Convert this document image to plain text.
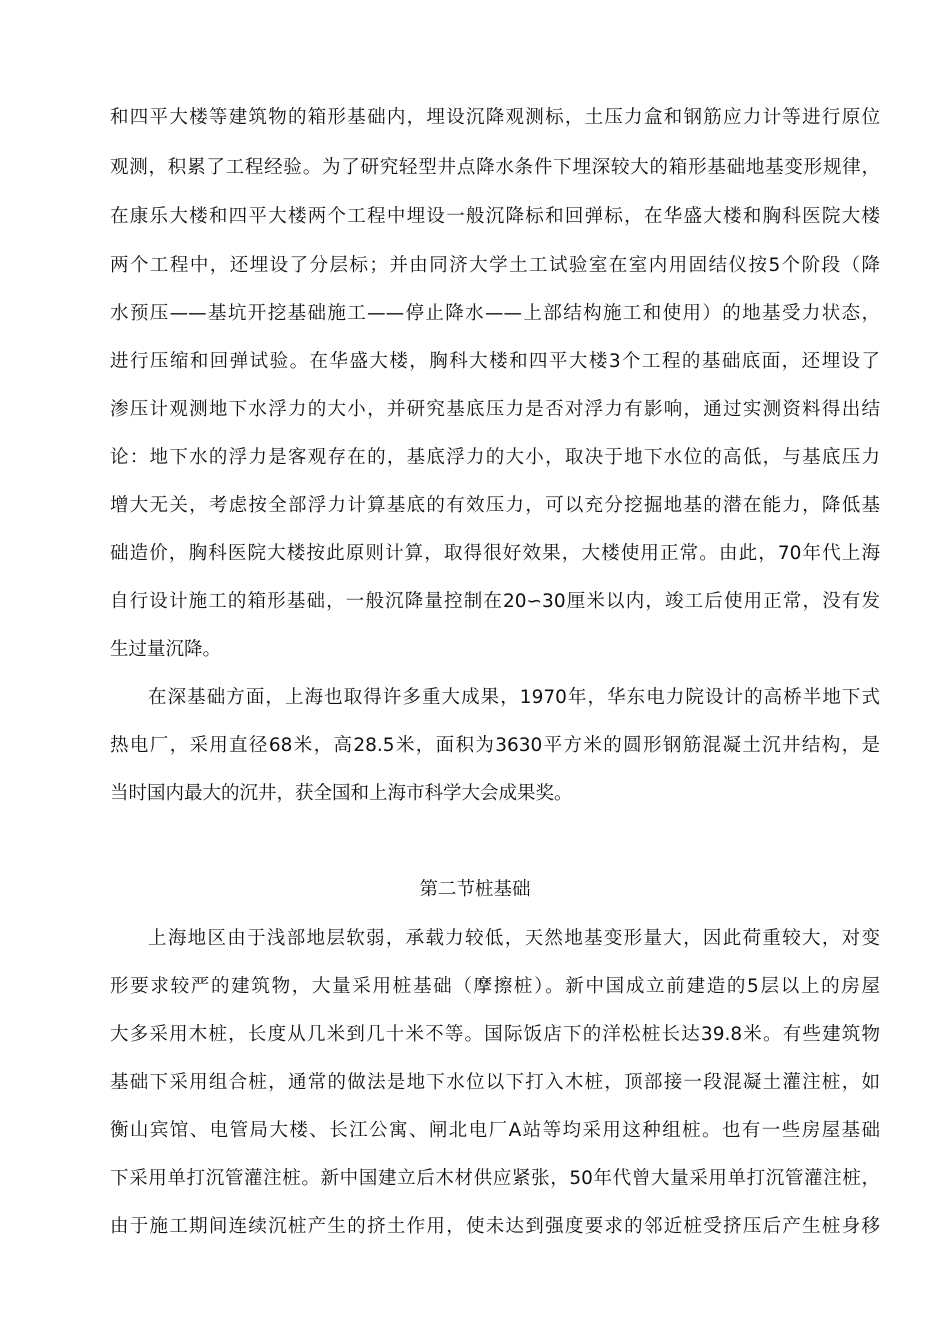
和四平大楼等建筑物的箱形基础内，埋设沉降观测标，土压力盒和钢筋应力计等进行原位
观测，积累了工程经验。为了研究轻型井点降水条件下埋深较大的箱形基础地基变形规律，
在康乐大楼和四平大楼两个工程中埋设一般沉降标和回弹标，在华盛大楼和胸科医院大楼
两个工程中，还埋设了分层标；并由同济大学土工试验室在室内用固结仪按5个阶段（降
水预压——基坑开挖基础施工——停止降水——上部结构施工和使用）的地基受力状态，
进行压缩和回弹试验。在华盛大楼，胸科大楼和四平大楼3个工程的基础底面，还埋设了
渗压计观测地下水浮力的大小，并研究基底压力是否对浮力有影响，通过实测资料得出结
论：地下水的浮力是客观存在的，基底浮力的大小，取决于地下水位的高低，与基底压力
增大无关，考虑按全部浮力计算基底的有效压力，可以充分挖掘地基的潜在能力，降低基
础造价，胸科医院大楼按此原则计算，取得很好效果，大楼使用正常。由此，70年代上海
自行设计施工的箱形基础，一般沉降量控制在20∽30厘米以内，竣工后使用正常，没有发
生过量沉降。
在深基础方面，上海也取得许多重大成果，1970年，华东电力院设计的高桥半地下式
热电厂，采用直径68米，高28.5米，面积为3630平方米的圆形钢筋混凝土沉井结构，是
当时国内最大的沉井，获全国和上海市科学大会成果奖。
第二节桩基础
上海地区由于浅部地层软弱，承载力较低，天然地基变形量大，因此荷重较大，对变
形要求较严的建筑物，大量采用桩基础（摩擦桩）。新中国成立前建造的5层以上的房屋
大多采用木桩，长度从几米到几十米不等。国际饭店下的洋松桩长达39.8米。有些建筑物
基础下采用组合桩，通常的做法是地下水位以下打入木桩，顶部接一段混凝土灌注桩，如
衡山宾馆、电管局大楼、长江公寓、闸北电厂A站等均采用这种组桩。也有一些房屋基础
下采用单打沉管灌注桩。新中国建立后木材供应紧张，50年代曾大量采用单打沉管灌注桩，
由于施工期间连续沉桩产生的挤土作用，使未达到强度要求的邻近桩受挤压后产生桩身移
